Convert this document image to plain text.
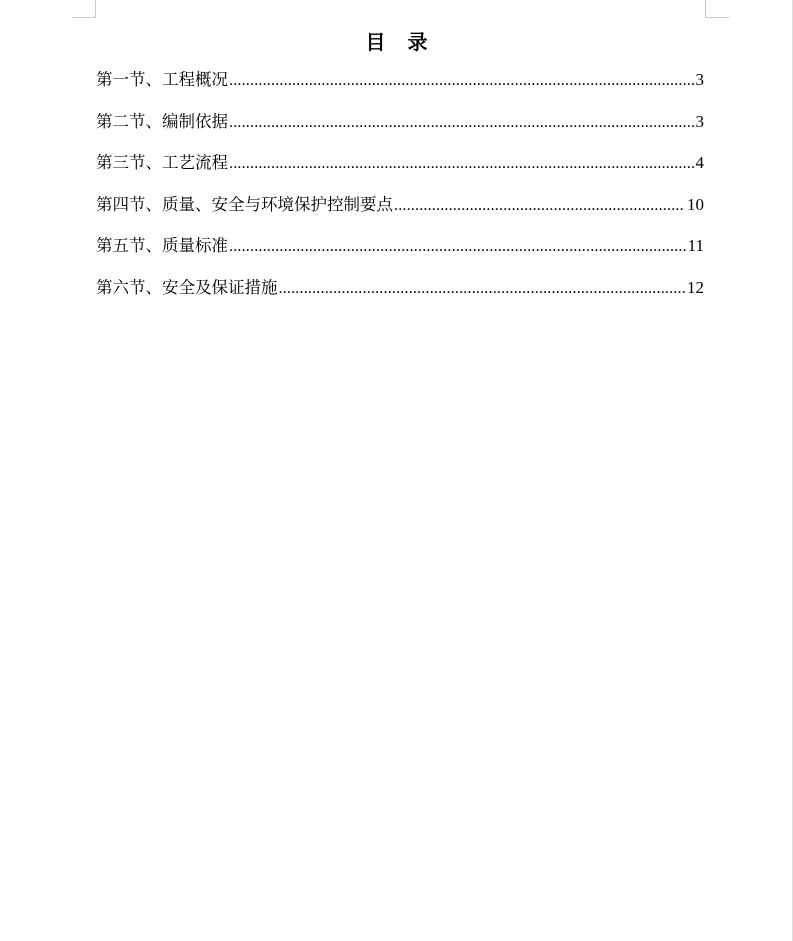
目 录
第一节、工程概况 .....	3
第二节、编制依据 .....	3
第三节、工艺流程 .....	4
第四节、质量、安全与环境保护控制要点 .....	10
第五节、质量标准 .....	11
第六节、安全及保证措施 .....	12
